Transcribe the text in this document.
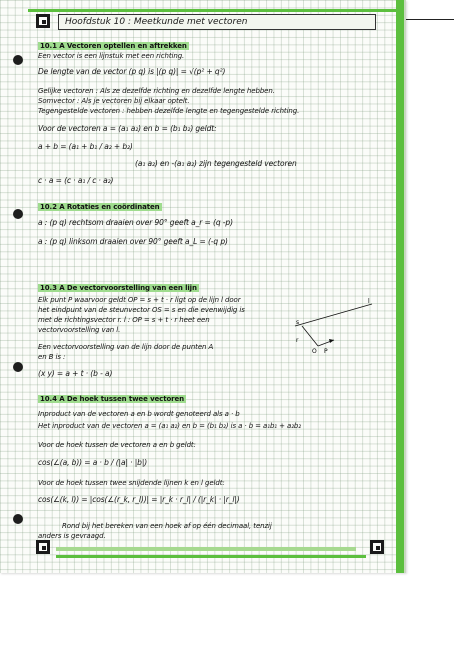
Hoofdstuk 10 : Meetkunde met vectoren
10.1 A Vectoren optellen en aftrekken
Een vector is een lijnstuk met een richting.
De lengte van de vector (p q) is |(p q)| = √(p² + q²)
Gelijke vectoren : Als ze dezelfde richting en dezelfde lengte hebben.
Somvector : Als je vectoren bij elkaar optelt.
Tegengestelde vectoren : hebben dezelfde lengte en tegengestelde richting.
Voor de vectoren a = (a₁ a₂) en b = (b₁ b₂) geldt:
a + b = (a₁ + b₁ / a₂ + b₂)
(a₁ a₂) en -(a₁ a₂) zijn tegengesteld vectoren
c · a = (c · a₁ / c · a₂)
10.2 A Rotaties en coördinaten
a : (p q) rechtsom draaien over 90° geeft a_r = (q -p)
a : (p q) linksom draaien over 90° geeft a_L = (-q p)
10.3 A De vectorvoorstelling van een lijn
Elk punt P waarvoor geldt OP = s + t · r ligt op de lijn l door
het eindpunt van de steunvector OS = s en die evenwijdig is
met de richtingsvector r. l : OP = s + t · r heet een
vectorvoorstelling van l.
Een vectorvoorstelling van de lijn door de punten A
en B is :
(x y) = a + t · (b - a)
l
s
r
O P
10.4 A De hoek tussen twee vectoren
Inproduct van de vectoren a en b wordt genoteerd als a · b
Het inproduct van de vectoren a = (a₁ a₂) en b = (b₁ b₂) is a · b = a₁b₁ + a₂b₂
Voor de hoek tussen de vectoren a en b geldt:
cos(∠(a, b)) = a · b / (|a| · |b|)
Voor de hoek tussen twee snijdende lijnen k en l geldt:
cos(∠(k, l)) = |cos(∠(r_k, r_l))| = |r_k · r_l| / (|r_k| · |r_l|)
Rond bij het bereken van een hoek af op één decimaal, tenzij
anders is gevraagd.
